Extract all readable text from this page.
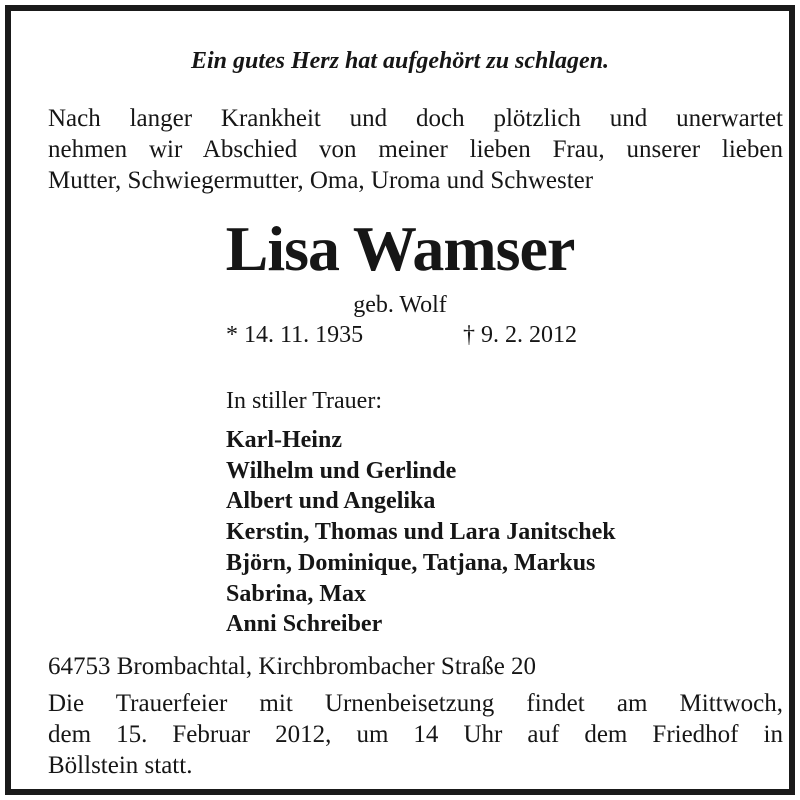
Ein gutes Herz hat aufgehört zu schlagen.
Nach langer Krankheit und doch plötzlich und unerwartet
nehmen wir Abschied von meiner lieben Frau, unserer lieben
Mutter, Schwiegermutter, Oma, Uroma und Schwester
Lisa Wamser
geb. Wolf
* 14. 11. 1935	† 9. 2. 2012
In stiller Trauer:
Karl-Heinz
Wilhelm und Gerlinde
Albert und Angelika
Kerstin, Thomas und Lara Janitschek
Björn, Dominique, Tatjana, Markus
Sabrina, Max
Anni Schreiber
64753 Brombachtal, Kirchbrombacher Straße 20
Die Trauerfeier mit Urnenbeisetzung findet am Mittwoch,
dem 15. Februar 2012, um 14 Uhr auf dem Friedhof in
Böllstein statt.
